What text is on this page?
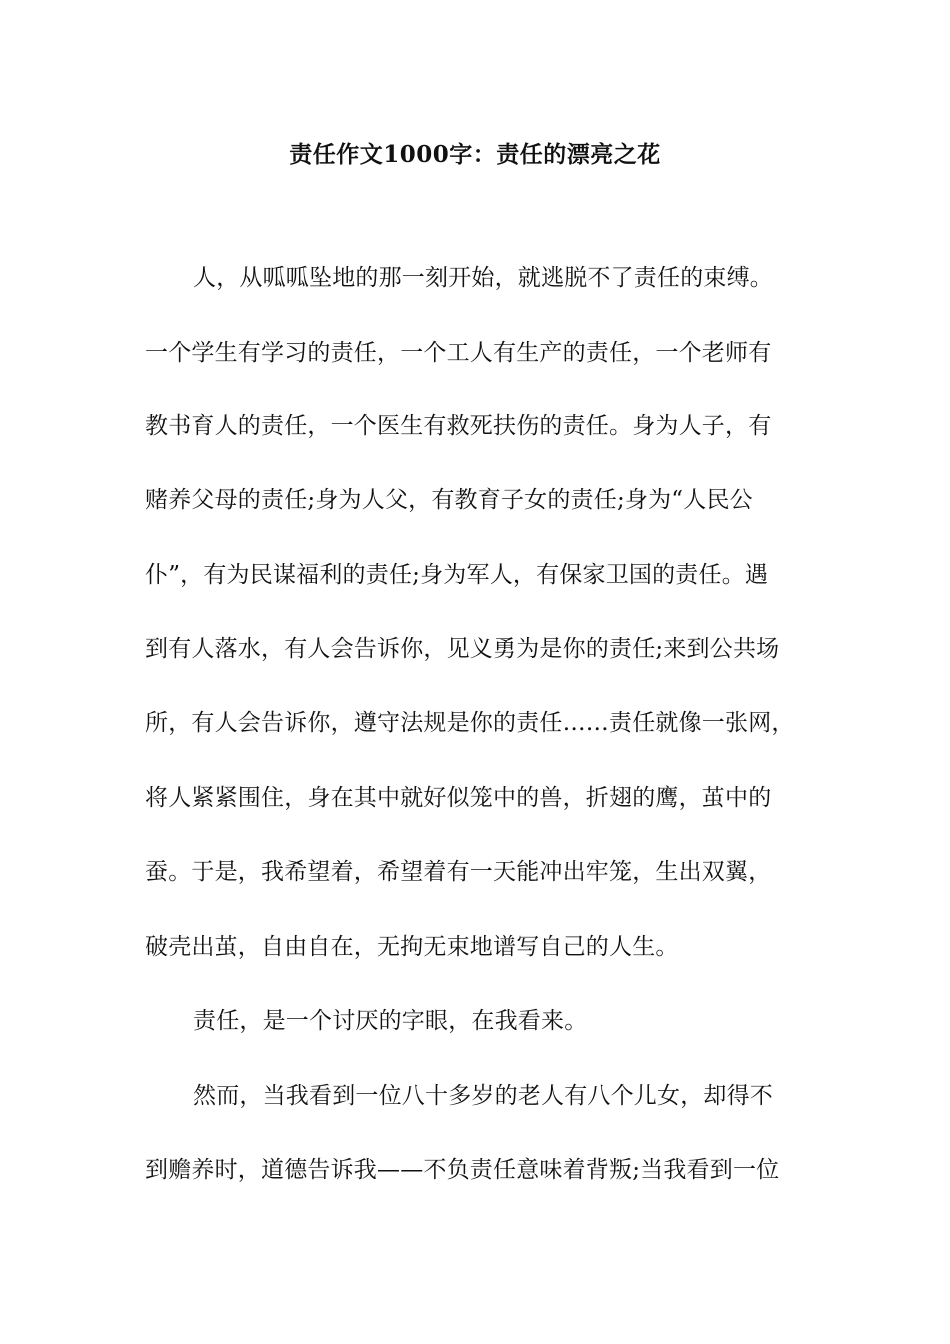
责任作文1000字：责任的漂亮之花
人，从呱呱坠地的那一刻开始，就逃脱不了责任的束缚。
一个学生有学习的责任，一个工人有生产的责任，一个老师有
教书育人的责任，一个医生有救死扶伤的责任。身为人子，有
赌养父母的责任;身为人父，有教育子女的责任;身为“人民公
仆”，有为民谋福利的责任;身为军人，有保家卫国的责任。遇
到有人落水，有人会告诉你，见义勇为是你的责任;来到公共场
所，有人会告诉你，遵守法规是你的责任……责任就像一张网，
将人紧紧围住，身在其中就好似笼中的兽，折翅的鹰，茧中的
蚕。于是，我希望着，希望着有一天能冲出牢笼，生出双翼，
破壳出茧，自由自在，无拘无束地谱写自己的人生。
责任，是一个讨厌的字眼，在我看来。
然而，当我看到一位八十多岁的老人有八个儿女，却得不
到赡养时，道德告诉我——不负责任意味着背叛;当我看到一位
